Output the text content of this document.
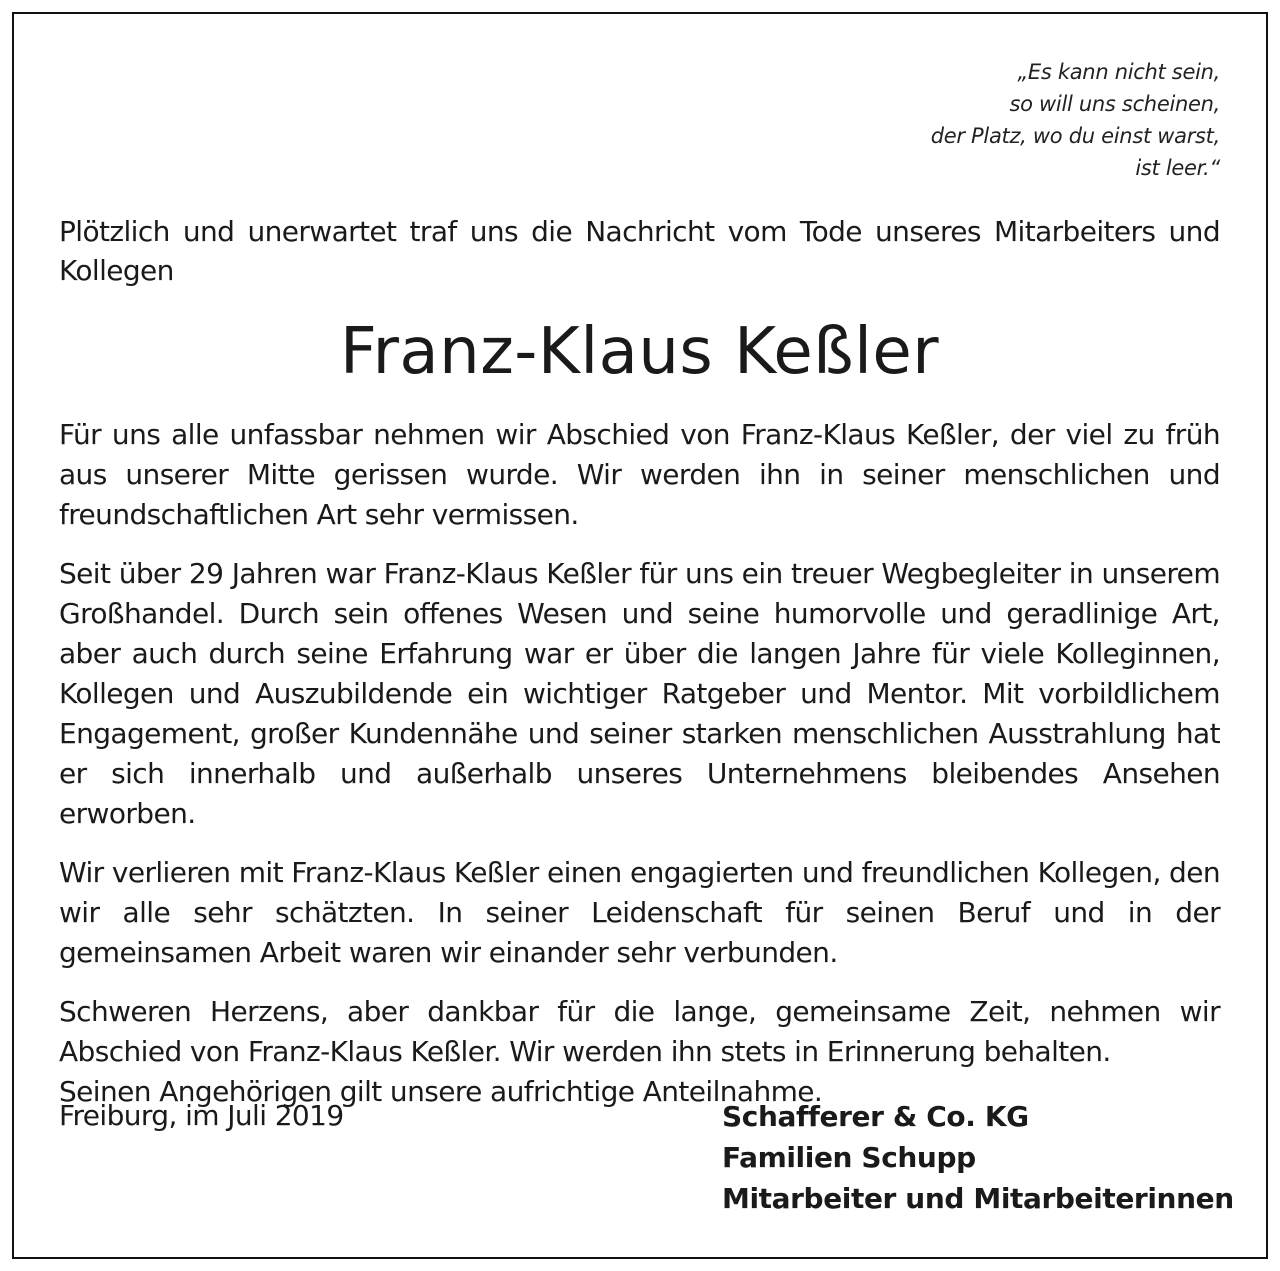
„Es kann nicht sein,
so will uns scheinen,
der Platz, wo du einst warst,
ist leer.“
Plötzlich und unerwartet traf uns die Nachricht vom Tode unseres Mitarbeiters und Kollegen
Franz-Klaus Keßler

Für uns alle unfassbar nehmen wir Abschied von Franz-Klaus Keßler, der viel zu früh aus unserer Mitte gerissen wurde. Wir werden ihn in seiner menschlichen und freundschaftlichen Art sehr vermissen.

Seit über 29 Jahren war Franz-Klaus Keßler für uns ein treuer Wegbegleiter in unserem Großhandel. Durch sein offenes Wesen und seine humorvolle und geradlinige Art, aber auch durch seine Erfahrung war er über die langen Jahre für viele Kolleginnen, Kollegen und Auszubildende ein wichtiger Ratgeber und Mentor. Mit vorbildlichem Engagement, großer Kundennähe und seiner starken menschlichen Ausstrahlung hat er sich innerhalb und außerhalb unseres Unternehmens bleibendes Ansehen erworben.

Wir verlieren mit Franz-Klaus Keßler einen engagierten und freundlichen Kollegen, den wir alle sehr schätzten. In seiner Leidenschaft für seinen Beruf und in der gemeinsamen Arbeit waren wir einander sehr verbunden.

Schweren Herzens, aber dankbar für die lange, gemeinsame Zeit, nehmen wir Abschied von Franz-Klaus Keßler. Wir werden ihn stets in Erinnerung behalten.
Seinen Angehörigen gilt unsere aufrichtige Anteilnahme.

Freiburg, im Juli 2019	Schafferer & Co. KG
Familien Schupp
Mitarbeiter und Mitarbeiterinnen
